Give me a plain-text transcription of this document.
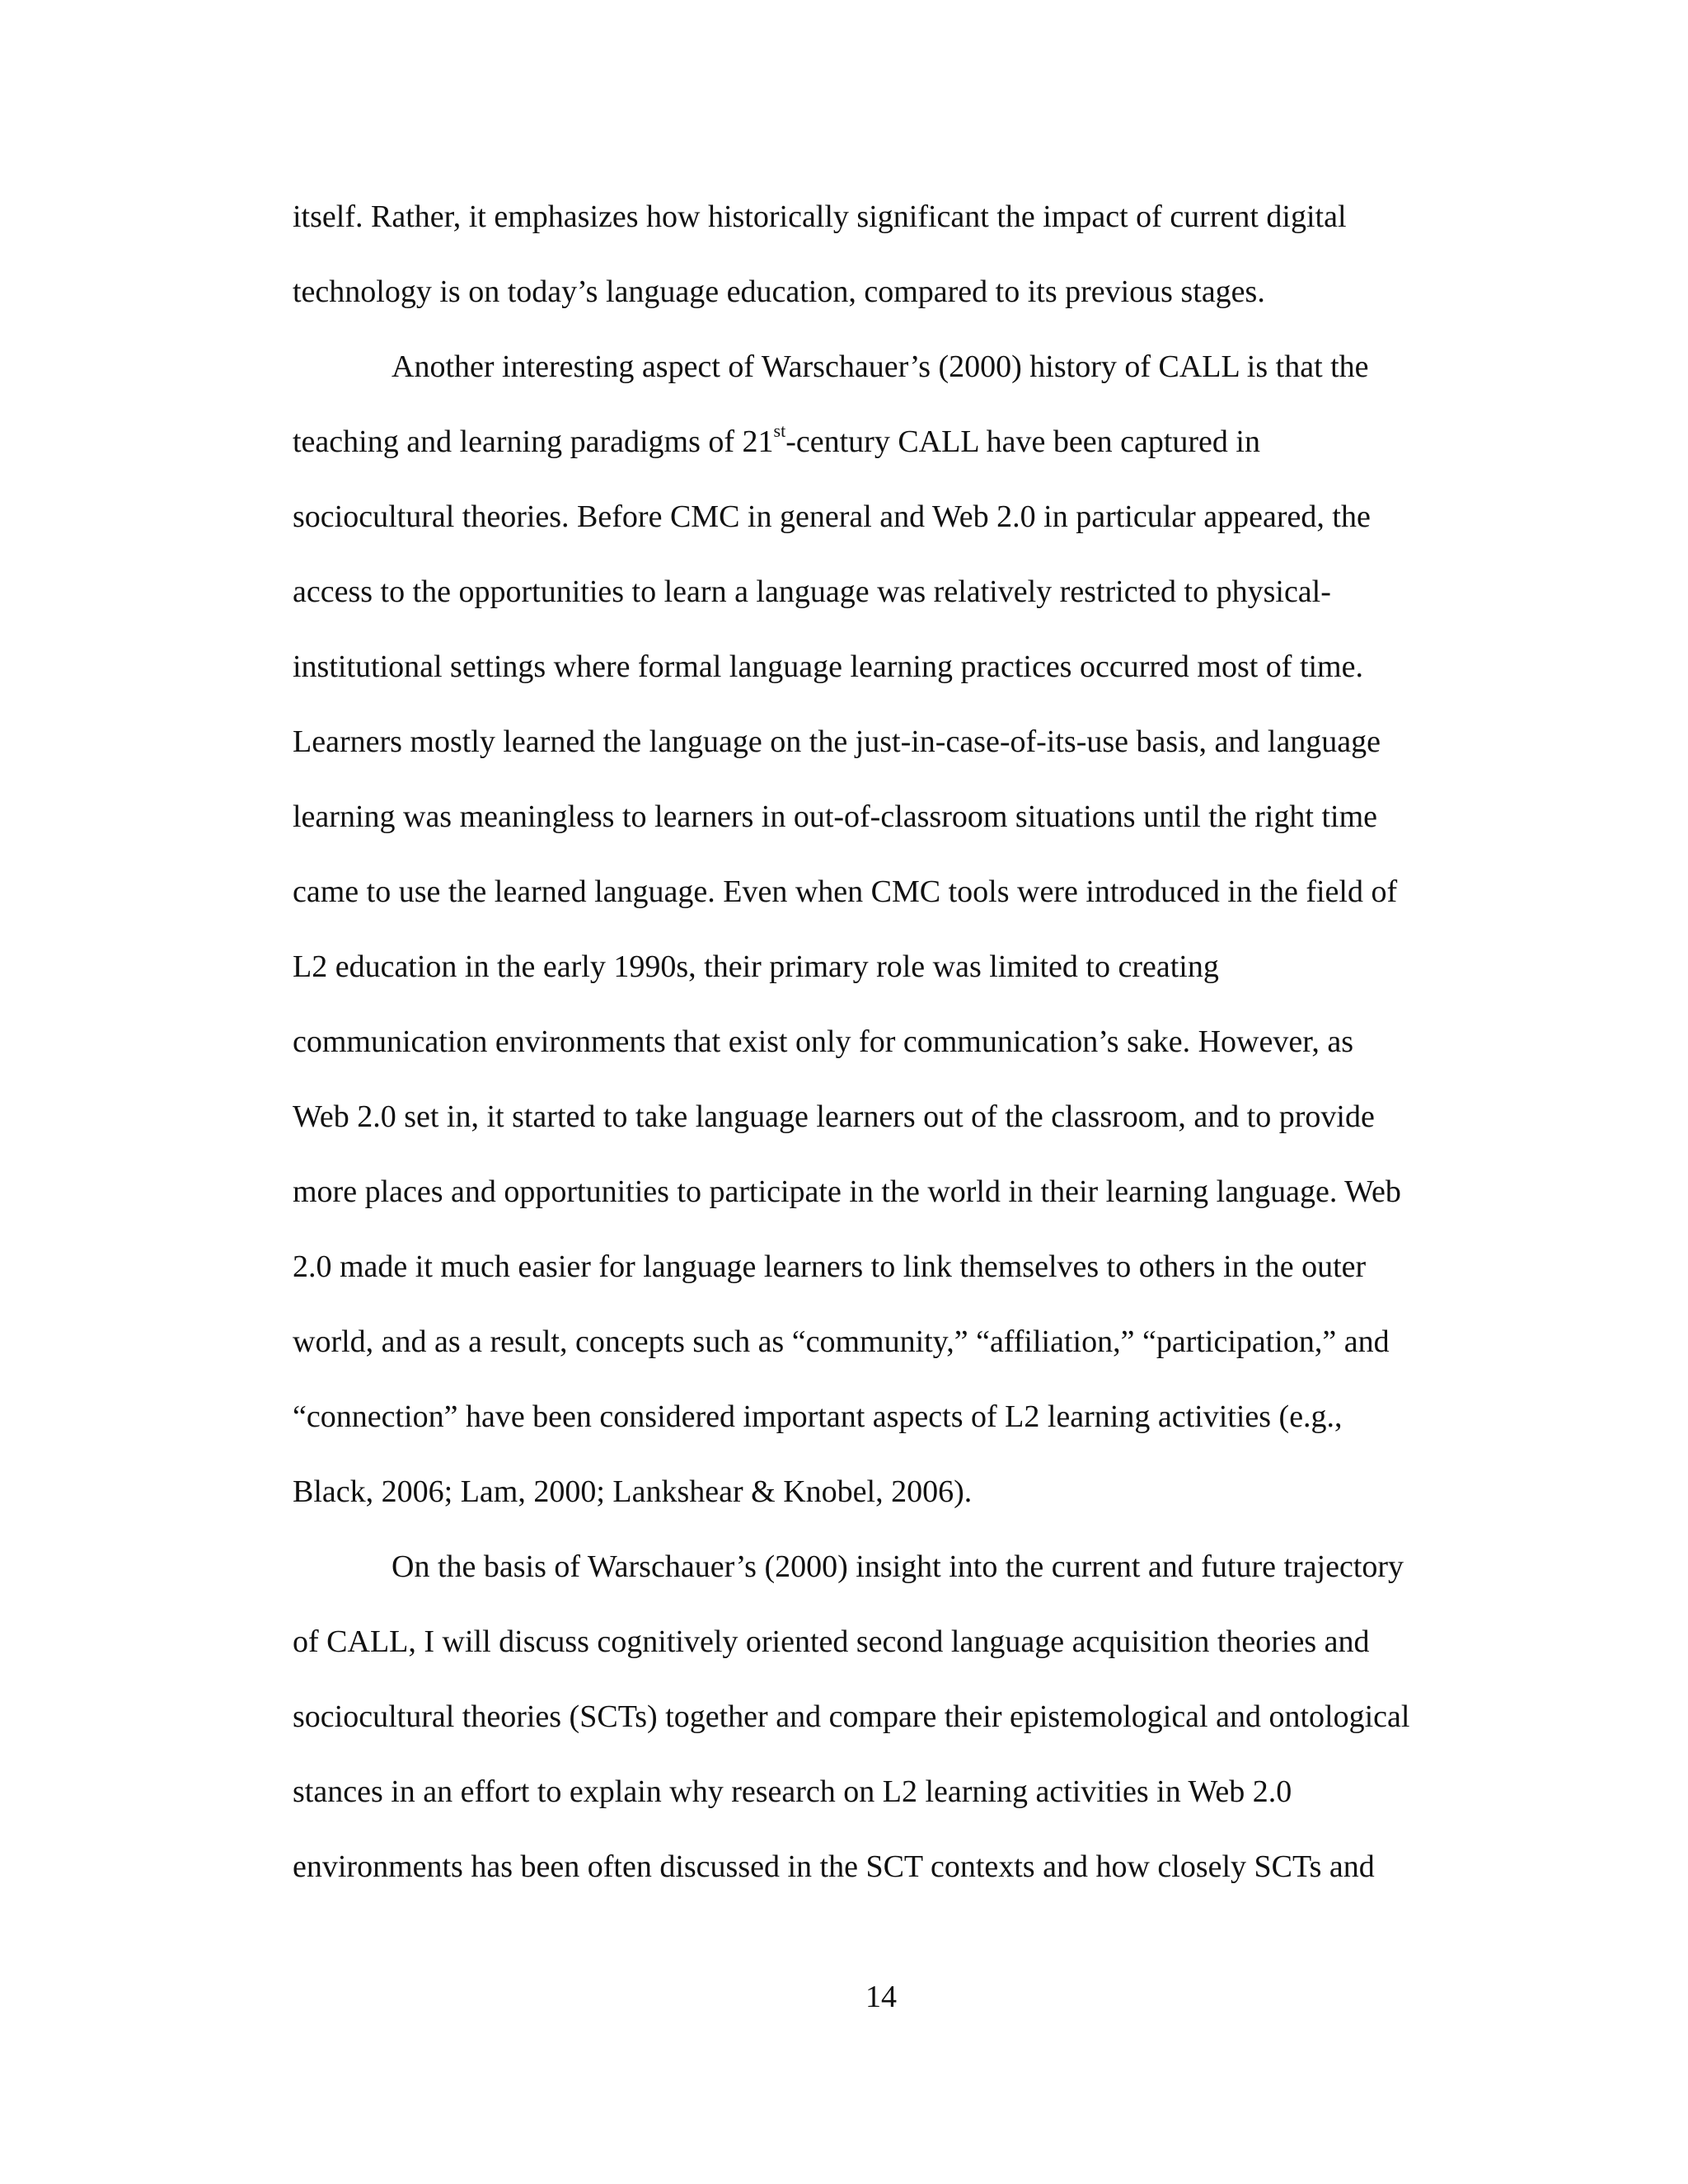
itself. Rather, it emphasizes how historically significant the impact of current digital

technology is on today’s language education, compared to its previous stages.

Another interesting aspect of Warschauer’s (2000) history of CALL is that the

teaching and learning paradigms of 21st-century CALL have been captured in

sociocultural theories. Before CMC in general and Web 2.0 in particular appeared, the

access to the opportunities to learn a language was relatively restricted to physical-

institutional settings where formal language learning practices occurred most of time.

Learners mostly learned the language on the just-in-case-of-its-use basis, and language

learning was meaningless to learners in out-of-classroom situations until the right time

came to use the learned language. Even when CMC tools were introduced in the field of

L2 education in the early 1990s, their primary role was limited to creating

communication environments that exist only for communication’s sake. However, as

Web 2.0 set in, it started to take language learners out of the classroom, and to provide

more places and opportunities to participate in the world in their learning language. Web

2.0 made it much easier for language learners to link themselves to others in the outer

world, and as a result, concepts such as “community,” “affiliation,” “participation,” and

“connection” have been considered important aspects of L2 learning activities (e.g.,

Black, 2006; Lam, 2000; Lankshear & Knobel, 2006).

On the basis of Warschauer’s (2000) insight into the current and future trajectory

of CALL, I will discuss cognitively oriented second language acquisition theories and

sociocultural theories (SCTs) together and compare their epistemological and ontological

stances in an effort to explain why research on L2 learning activities in Web 2.0

environments has been often discussed in the SCT contexts and how closely SCTs and

14
